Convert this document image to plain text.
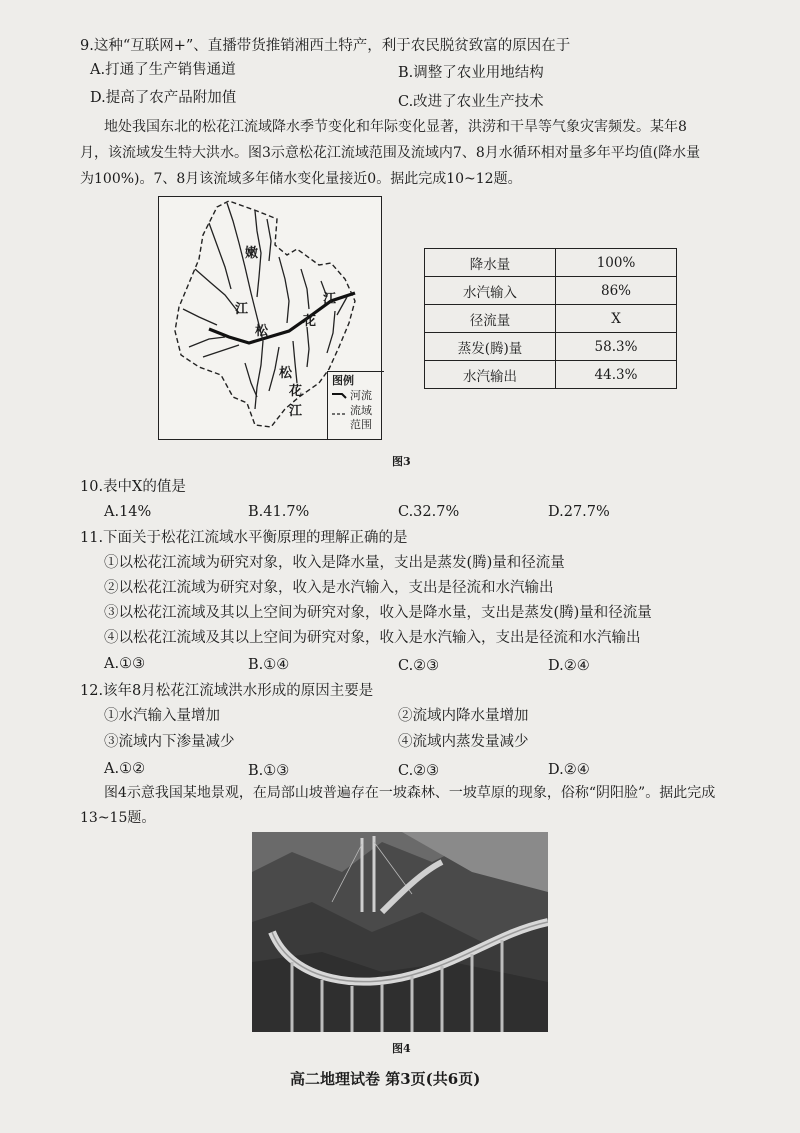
9.这种“互联网+”、直播带货推销湘西土特产，利于农民脱贫致富的原因在于
A.打通了生产销售通道	B.调整了农业用地结构
D.提高了农产品附加值	C.改进了农业生产技术
地处我国东北的松花江流域降水季节变化和年际变化显著，洪涝和干旱等气象灾害频发。某年8
月，该流域发生特大洪水。图3示意松花江流域范围及流域内7、8月水循环相对量多年平均值(降水量
为100%)。7、8月该流域多年储水变化量接近0。据此完成10~12题。
嫩
江
松
花
江
松
花
江
图例
河流
流域
范围
降水量	100%
水汽输入	86%
径流量	X
蒸发(腾)量	58.3%
水汽输出	44.3%
图3
10.表中X的值是
A.14%	B.41.7%	C.32.7%	D.27.7%
11.下面关于松花江流域水平衡原理的理解正确的是
①以松花江流域为研究对象，收入是降水量，支出是蒸发(腾)量和径流量
②以松花江流域为研究对象，收入是水汽输入，支出是径流和水汽输出
③以松花江流域及其以上空间为研究对象，收入是降水量，支出是蒸发(腾)量和径流量
④以松花江流域及其以上空间为研究对象，收入是水汽输入，支出是径流和水汽输出
A.①③	B.①④	C.②③	D.②④
12.该年8月松花江流域洪水形成的原因主要是
①水汽输入量增加	②流域内降水量增加
③流域内下渗量减少	④流域内蒸发量减少
A.①②	B.①③	C.②③	D.②④
图4示意我国某地景观，在局部山坡普遍存在一坡森林、一坡草原的现象，俗称“阴阳脸”。据此完成
13~15题。
图4
高二地理试卷 第3页(共6页)
